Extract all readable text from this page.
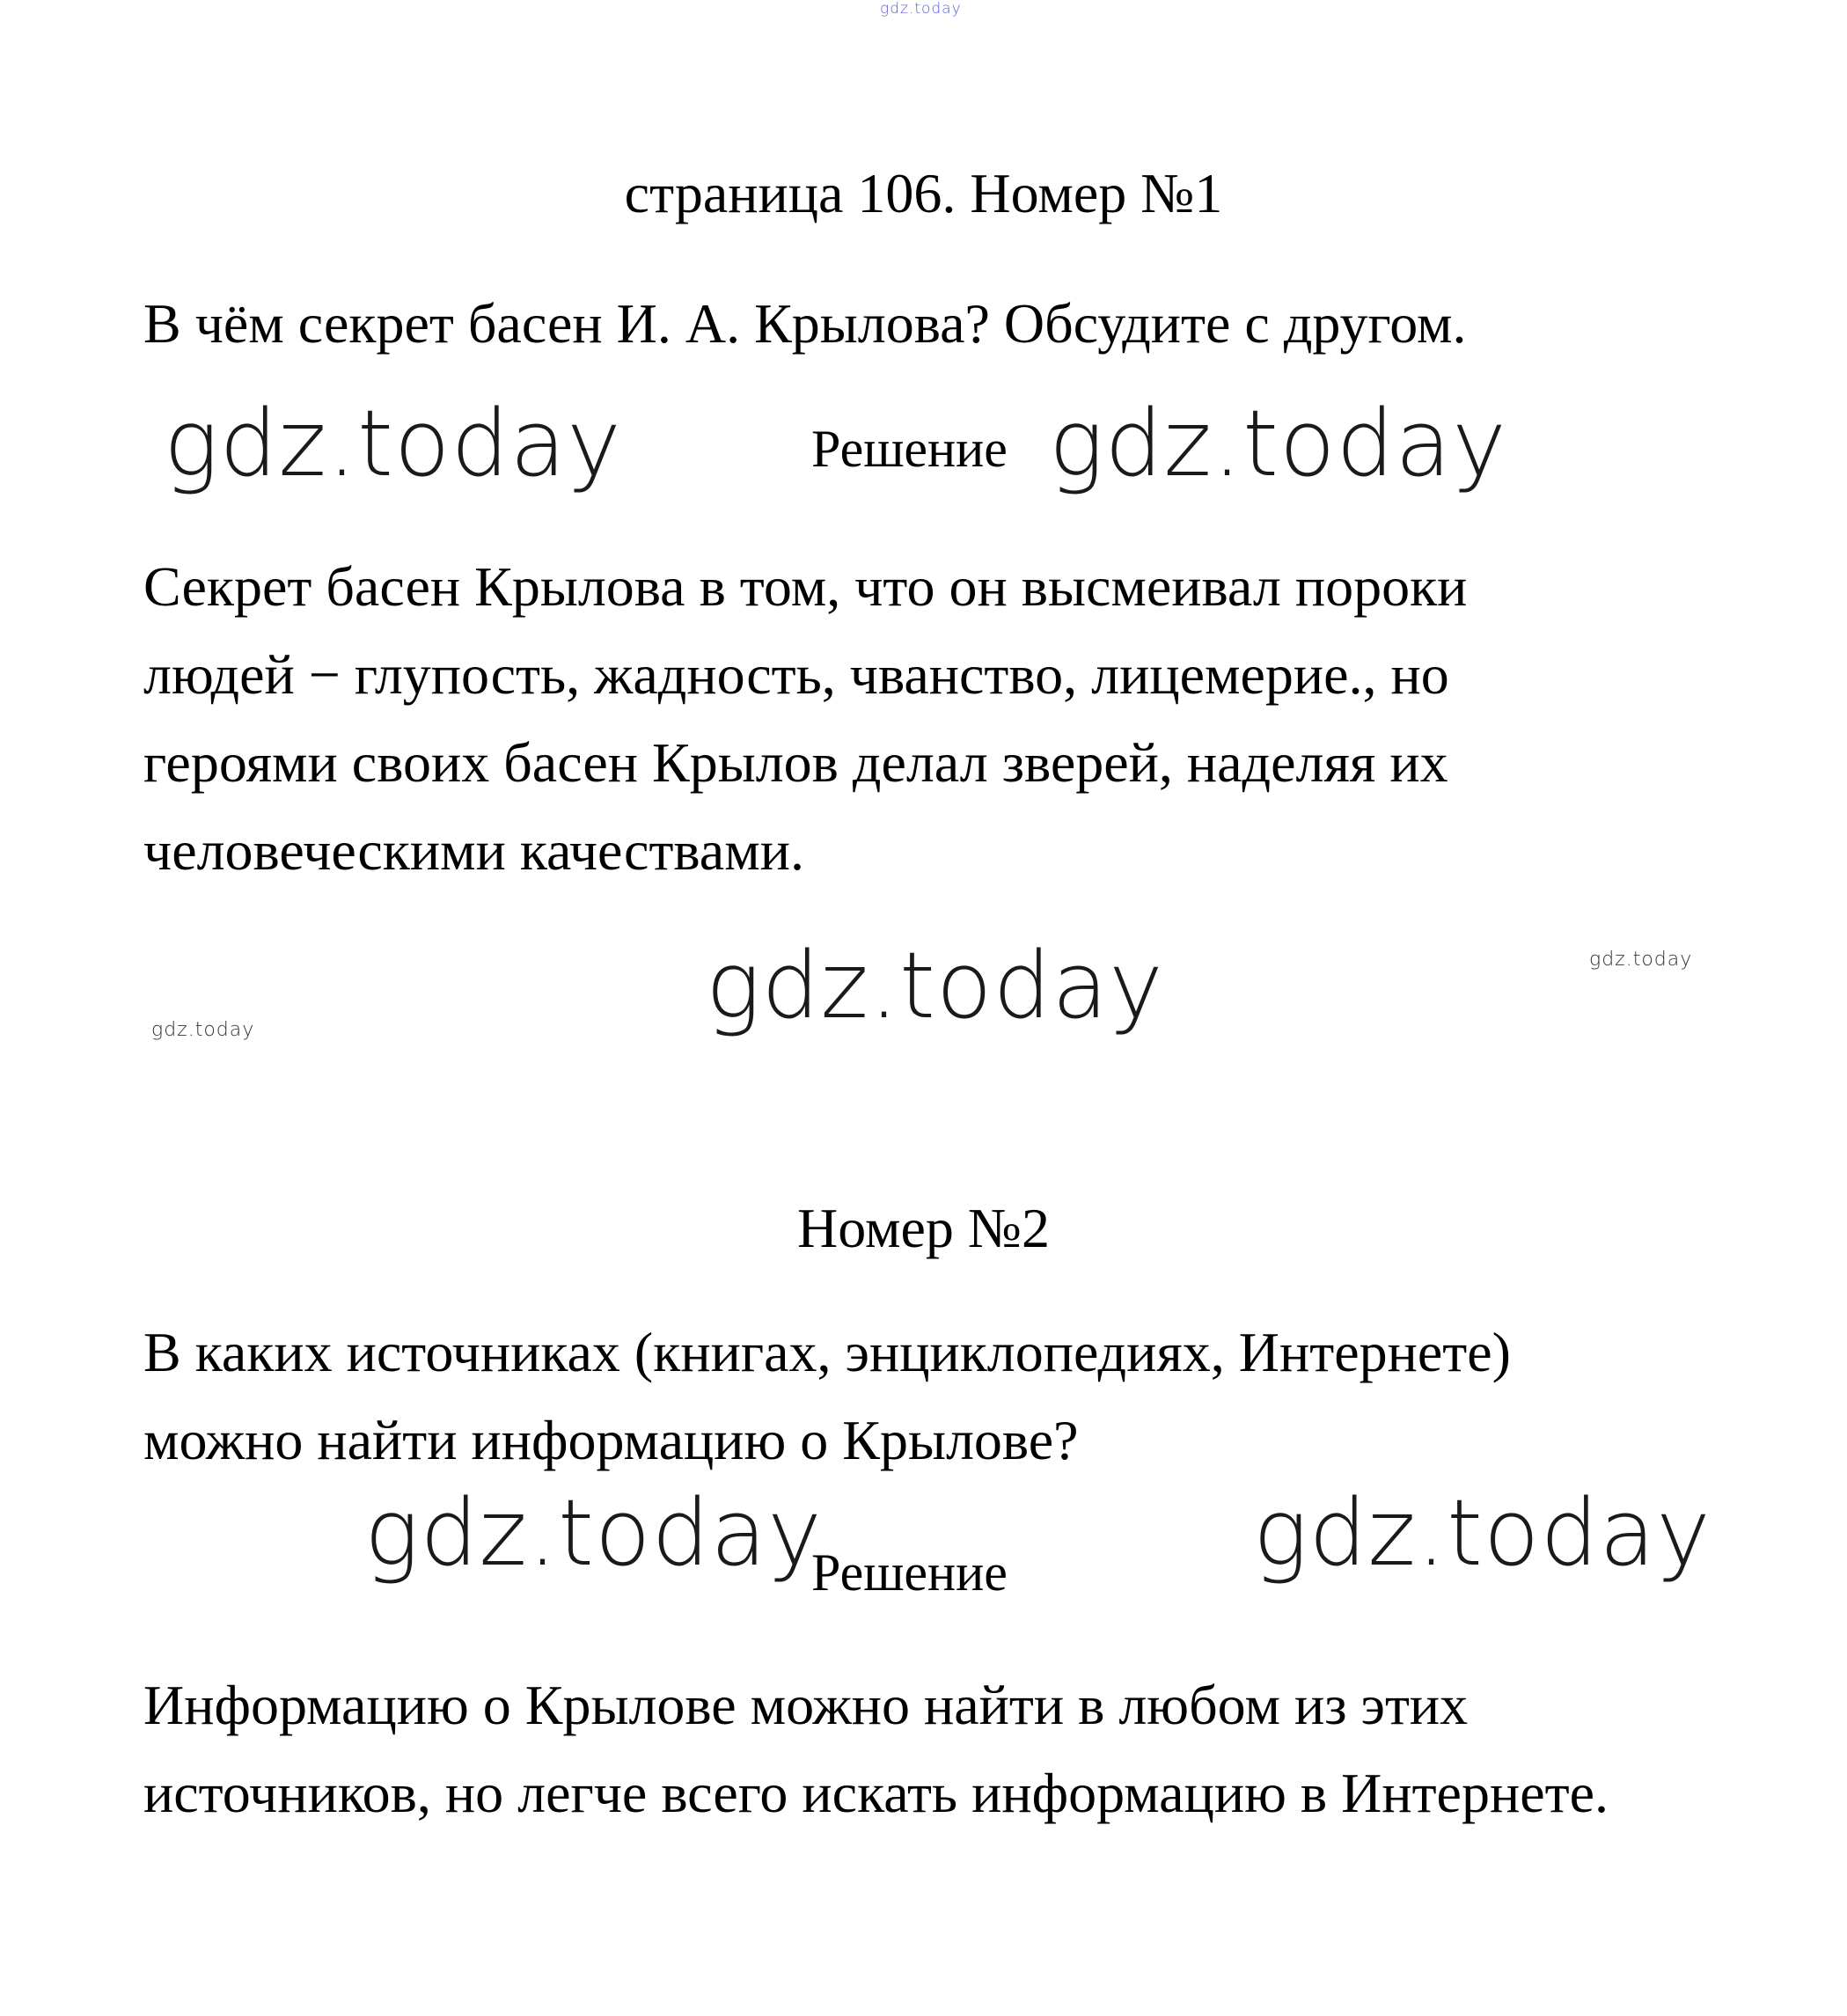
gdz.today
страница 106. Номер №1
В чём секрет басен И. А. Крылова? Обсудите с другом.
gdz.today	Решение gdz.today
Секрет басен Крылова в том, что он высмеивал пороки
людей − глупость, жадность, чванство, лицемерие., но
героями своих басен Крылов делал зверей, наделяя их
человеческими качествами.
gdz.today
gdz.today
gdz.today
Номер №2
В каких источниках (книгах, энциклопедиях, Интернете)
можно найти информацию о Крылове?
gdz.today
Решение	gdz.today
Информацию о Крылове можно найти в любом из этих
источников, но легче всего искать информацию в Интернете.
